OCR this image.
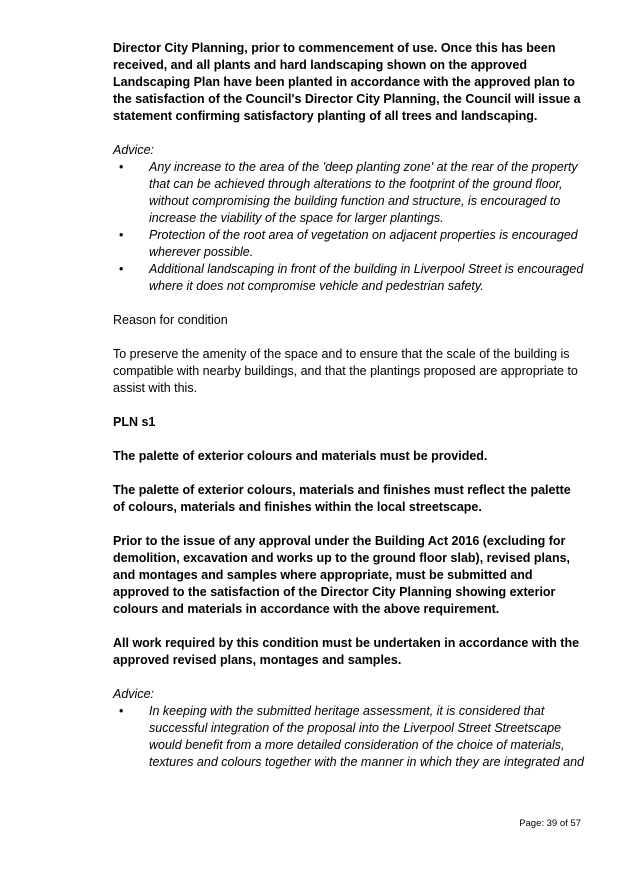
Director City Planning, prior to commencement of use. Once this has been received, and all plants and hard landscaping shown on the approved Landscaping Plan have been planted in accordance with the approved plan to the satisfaction of the Council's Director City Planning, the Council will issue a statement confirming satisfactory planting of all trees and landscaping.

Advice:

• Any increase to the area of the 'deep planting zone' at the rear of the property that can be achieved through alterations to the footprint of the ground floor, without compromising the building function and structure, is encouraged to increase the viability of the space for larger plantings.
• Protection of the root area of vegetation on adjacent properties is encouraged wherever possible.
• Additional landscaping in front of the building in Liverpool Street is encouraged where it does not compromise vehicle and pedestrian safety.

Reason for condition

To preserve the amenity of the space and to ensure that the scale of the building is compatible with nearby buildings, and that the plantings proposed are appropriate to assist with this.

PLN s1

The palette of exterior colours and materials must be provided.

The palette of exterior colours, materials and finishes must reflect the palette of colours, materials and finishes within the local streetscape.

Prior to the issue of any approval under the Building Act 2016 (excluding for demolition, excavation and works up to the ground floor slab), revised plans, and montages and samples where appropriate, must be submitted and approved to the satisfaction of the Director City Planning showing exterior colours and materials in accordance with the above requirement.

All work required by this condition must be undertaken in accordance with the approved revised plans, montages and samples.

Advice:

• In keeping with the submitted heritage assessment, it is considered that successful integration of the proposal into the Liverpool Street Streetscape would benefit from a more detailed consideration of the choice of materials, textures and colours together with the manner in which they are integrated and
Page: 39 of 57
